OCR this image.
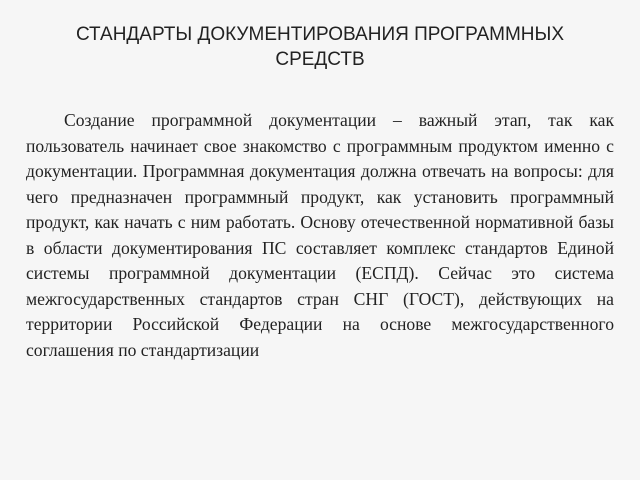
СТАНДАРТЫ ДОКУМЕНТИРОВАНИЯ ПРОГРАММНЫХ
СРЕДСТВ

Создание программной документации – важный этап, так как пользователь начинает свое знакомство с программным продуктом именно с документации. Программная документация должна отвечать на вопросы: для чего предназначен программный продукт, как установить программный продукт, как начать с ним работать. Основу отечественной нормативной базы в области документирования ПС составляет комплекс стандартов Единой системы программной документации (ЕСПД). Сейчас это система межгосударственных стандартов стран СНГ (ГОСТ), действующих на территории Российской Федерации на основе межгосударственного соглашения по стандартизации
